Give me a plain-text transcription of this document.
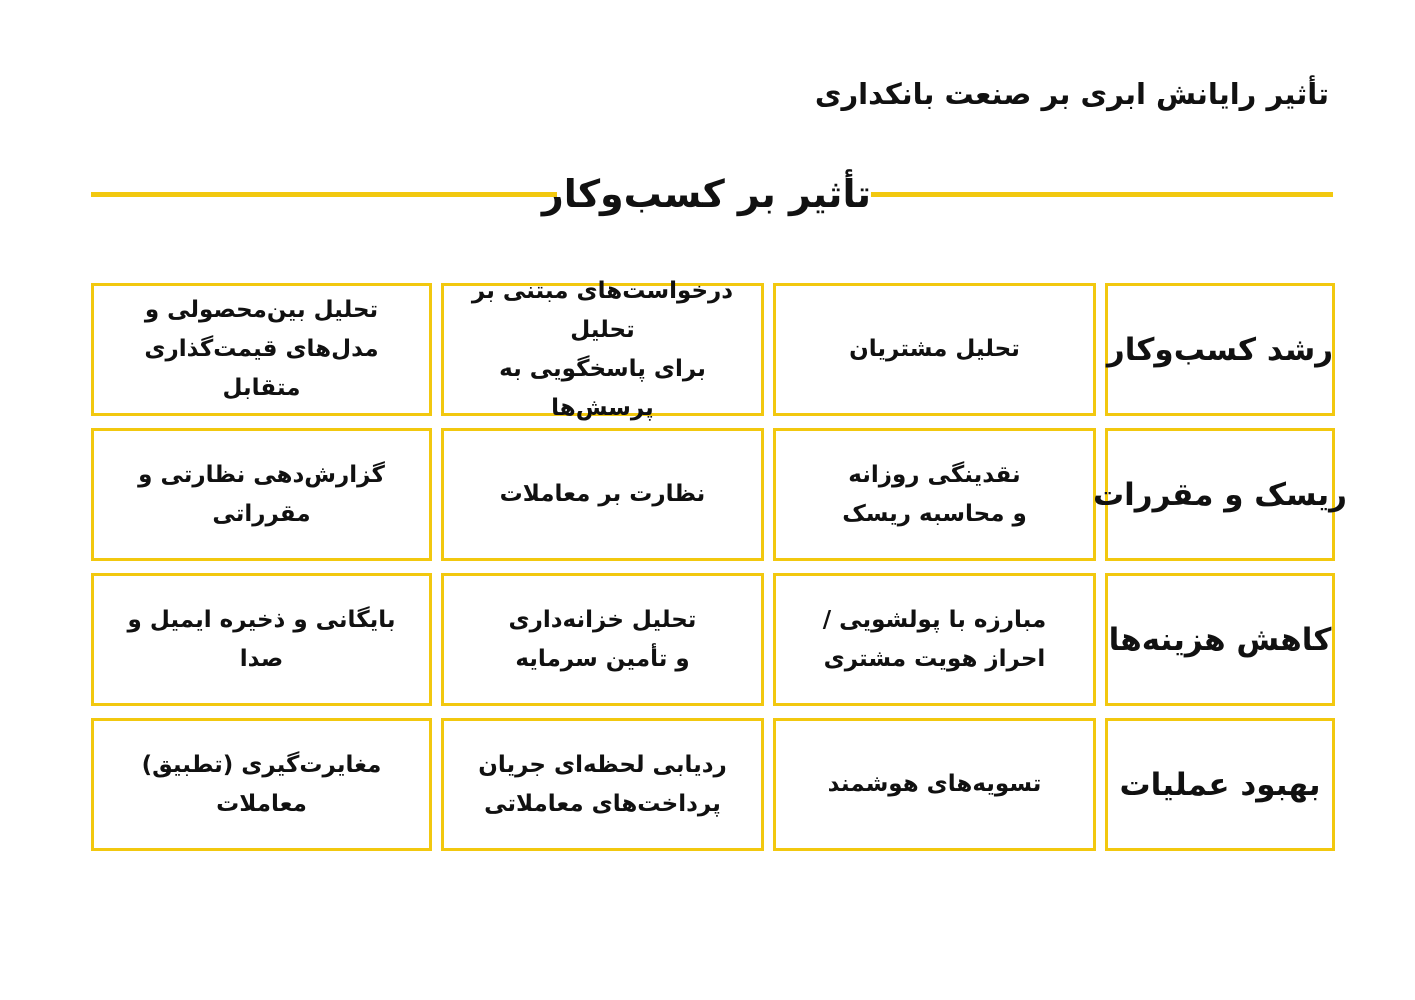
تأثیر رایانش ابری بر صنعت بانکداری
تأثیر بر کسب‌وکار
تحلیل بین‌محصولی و
مدل‌های قیمت‌گذاری متقابل
درخواست‌های مبتنی بر تحلیل
برای پاسخگویی به پرسش‌ها
تحلیل مشتریان	رشد کسب‌وکار
گزارش‌دهی نظارتی و مقرراتی
نظارت بر معاملات
نقدینگی روزانه
و محاسبه ریسک
ریسک و مقررات
بایگانی و ذخیره ایمیل و صدا
تحلیل خزانه‌داری
و تأمین سرمایه
مبارزه با پولشویی /
احراز هویت مشتری
کاهش هزینه‌ها
مغایرت‌گیری (تطبیق) معاملات
ردیابی لحظه‌ای جریان
پرداخت‌های معاملاتی
تسویه‌های هوشمند	بهبود عملیات
